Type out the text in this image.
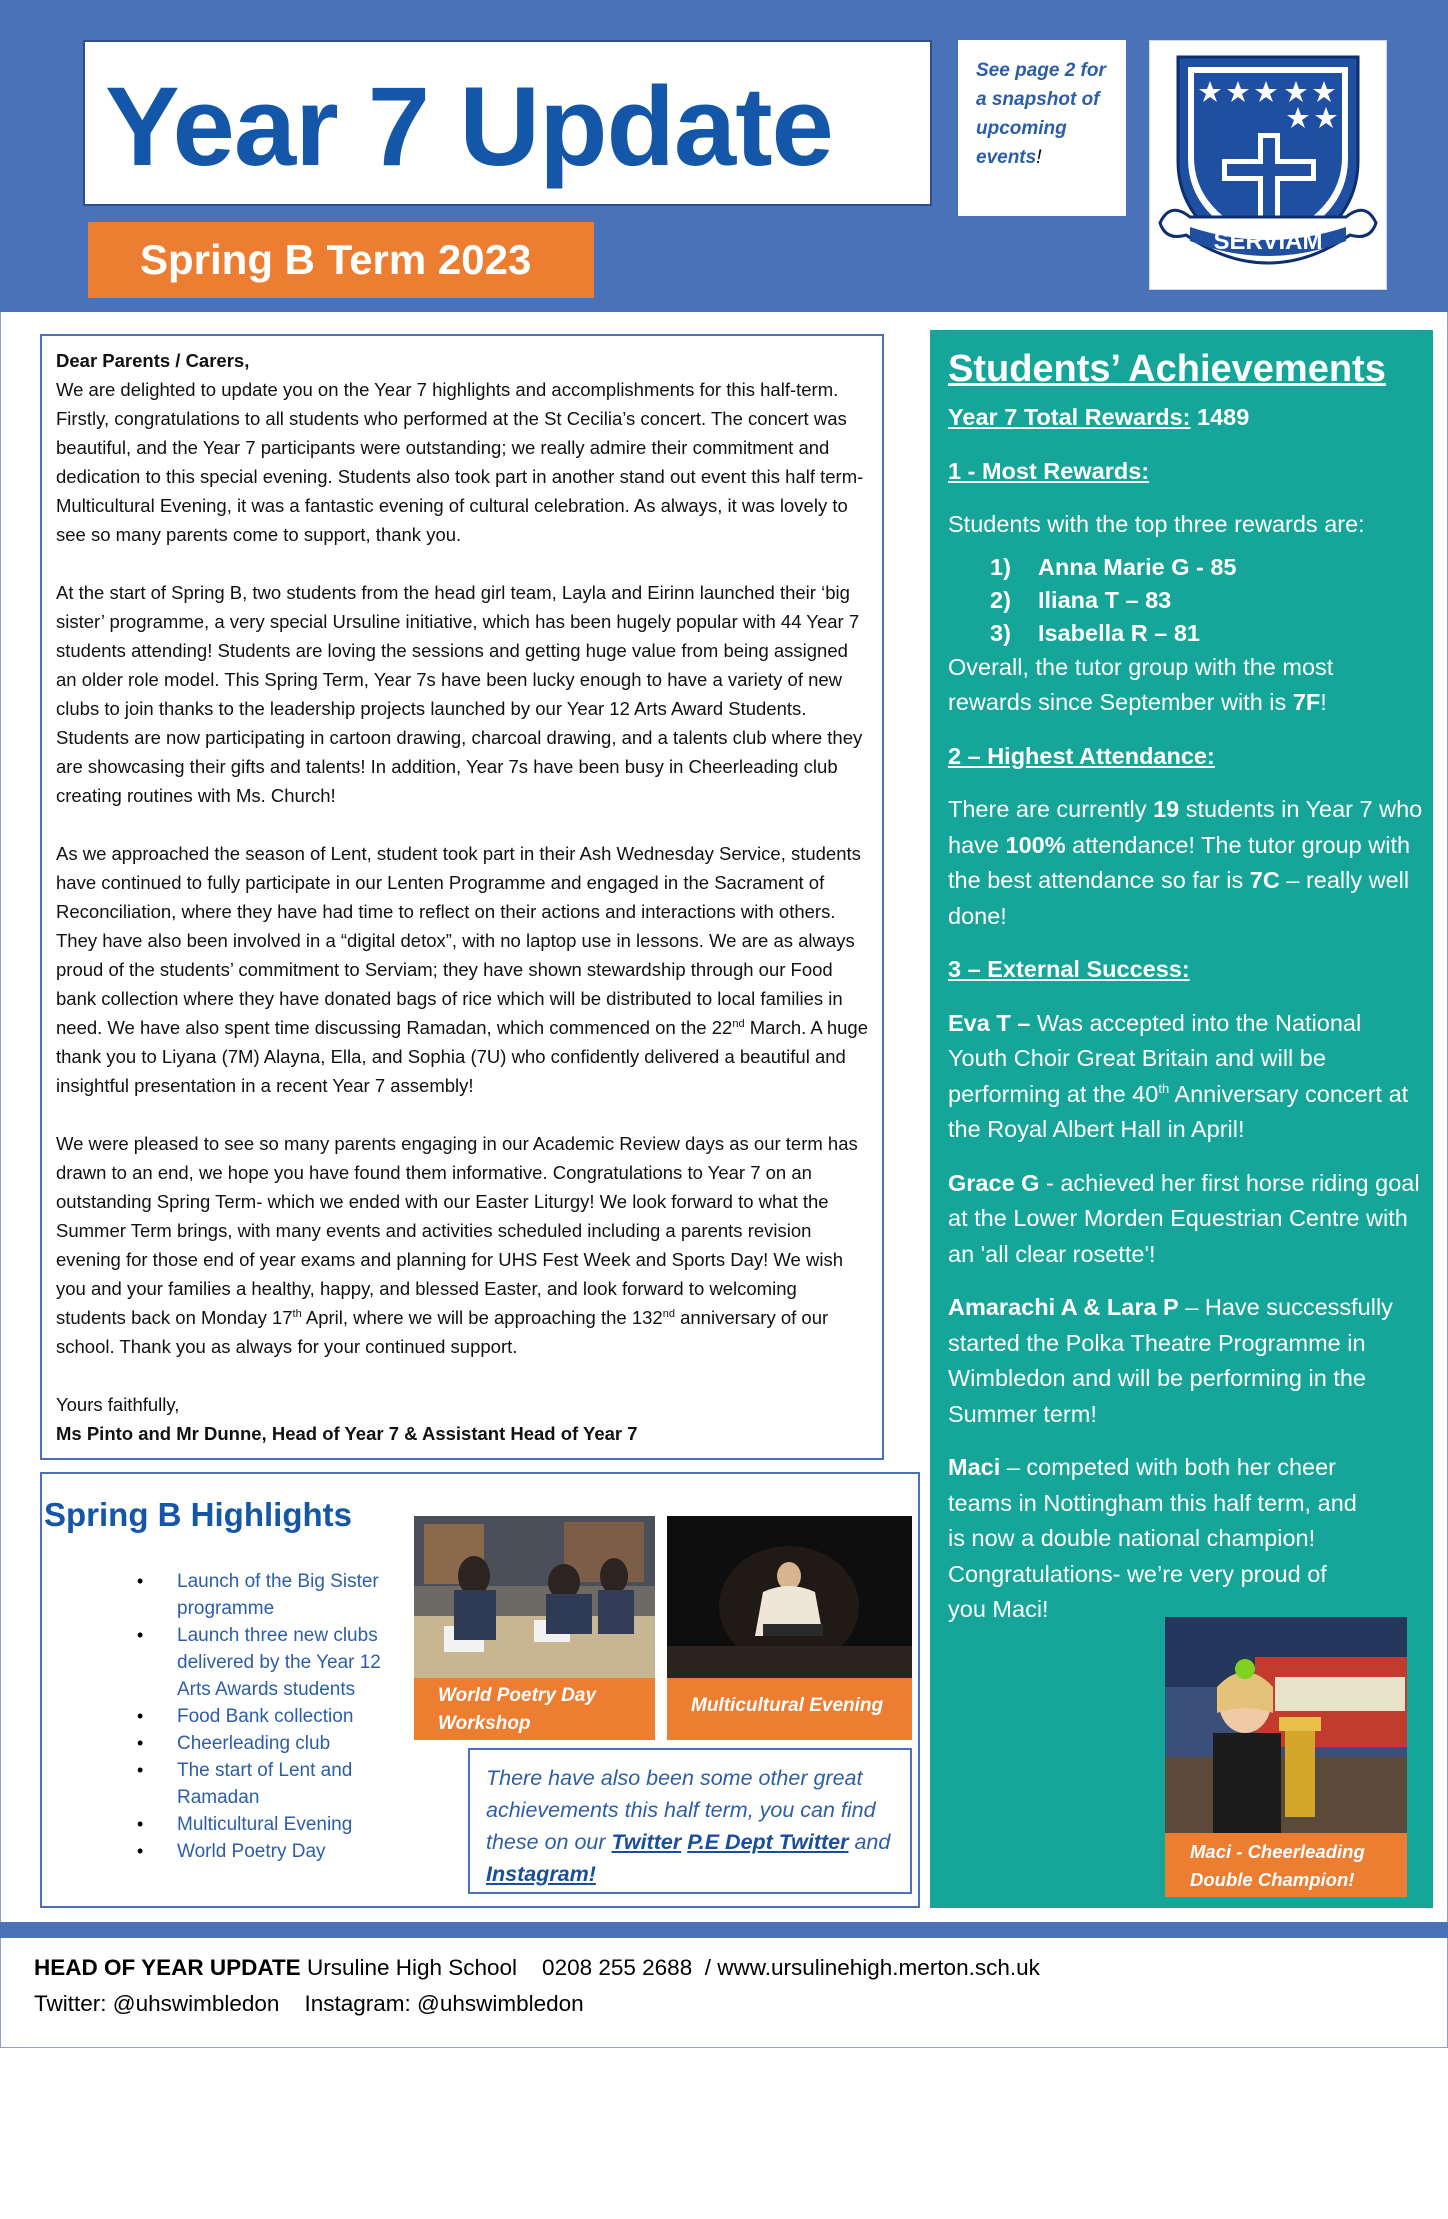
Year 7 Update
Spring B Term 2023
See page 2 for a snapshot of upcoming events!
SERVIAM

Dear Parents / Carers,

We are delighted to update you on the Year 7 highlights and accomplishments for this half-term. Firstly, congratulations to all students who performed at the St Cecilia’s concert. The concert was beautiful, and the Year 7 participants were outstanding; we really admire their commitment and dedication to this special evening. Students also took part in another stand out event this half term- Multicultural Evening, it was a fantastic evening of cultural celebration. As always, it was lovely to see so many parents come to support, thank you.

At the start of Spring B, two students from the head girl team, Layla and Eirinn launched their ‘big sister’ programme, a very special Ursuline initiative, which has been hugely popular with 44 Year 7 students attending! Students are loving the sessions and getting huge value from being assigned an older role model. This Spring Term, Year 7s have been lucky enough to have a variety of new clubs to join thanks to the leadership projects launched by our Year 12 Arts Award Students. Students are now participating in cartoon drawing, charcoal drawing, and a talents club where they are showcasing their gifts and talents! In addition, Year 7s have been busy in Cheerleading club creating routines with Ms. Church!

As we approached the season of Lent, student took part in their Ash Wednesday Service, students have continued to fully participate in our Lenten Programme and engaged in the Sacrament of Reconciliation, where they have had time to reflect on their actions and interactions with others. They have also been involved in a “digital detox”, with no laptop use in lessons. We are as always proud of the students’ commitment to Serviam; they have shown stewardship through our Food bank collection where they have donated bags of rice which will be distributed to local families in need. We have also spent time discussing Ramadan, which commenced on the 22nd March. A huge thank you to Liyana (7M) Alayna, Ella, and Sophia (7U) who confidently delivered a beautiful and insightful presentation in a recent Year 7 assembly!

We were pleased to see so many parents engaging in our Academic Review days as our term has drawn to an end, we hope you have found them informative. Congratulations to Year 7 on an outstanding Spring Term- which we ended with our Easter Liturgy! We look forward to what the Summer Term brings, with many events and activities scheduled including a parents revision evening for those end of year exams and planning for UHS Fest Week and Sports Day! We wish you and your families a healthy, happy, and blessed Easter, and look forward to welcoming students back on Monday 17th April, where we will be approaching the 132nd anniversary of our school. Thank you as always for your continued support.

Yours faithfully,

Ms Pinto and Mr Dunne, Head of Year 7 & Assistant Head of Year 7

Students’ Achievements

Year 7 Total Rewards: 1489

1 - Most Rewards:

Students with the top three rewards are:

1) Anna Marie G - 85
2) Iliana T – 83
3) Isabella R – 81

Overall, the tutor group with the most rewards since September with is 7F!

2 – Highest Attendance:

There are currently 19 students in Year 7 who have 100% attendance! The tutor group with the best attendance so far is 7C – really well done!

3 – External Success:

Eva T – Was accepted into the National Youth Choir Great Britain and will be performing at the 40th Anniversary concert at the Royal Albert Hall in April!

Grace G - achieved her first horse riding goal at the Lower Morden Equestrian Centre with an 'all clear rosette'!

Amarachi A & Lara P – Have successfully started the Polka Theatre Programme in Wimbledon and will be performing in the Summer term!

Maci – competed with both her cheer teams in Nottingham this half term, and is now a double national champion! Congratulations- we’re very proud of you Maci!

If your daughter participates in sport or other activities outside of school do encourage her to let me know – I would love to celebrate their efforts.
Maci - Cheerleading Double Champion!
Spring B Highlights
• Launch of the Big Sister programme
• Launch three new clubs delivered by the Year 12 Arts Awards students
• Food Bank collection
• Cheerleading club
• The start of Lent and Ramadan
• Multicultural Evening
• World Poetry Day
World Poetry Day Workshop
Multicultural Evening
There have also been some other great achievements this half term, you can find these on our Twitter P.E Dept Twitter and Instagram!
HEAD OF YEAR UPDATE Ursuline High School    0208 255 2688  / www.ursulinehigh.merton.sch.uk
Twitter: @uhswimbledon    Instagram: @uhswimbledon
